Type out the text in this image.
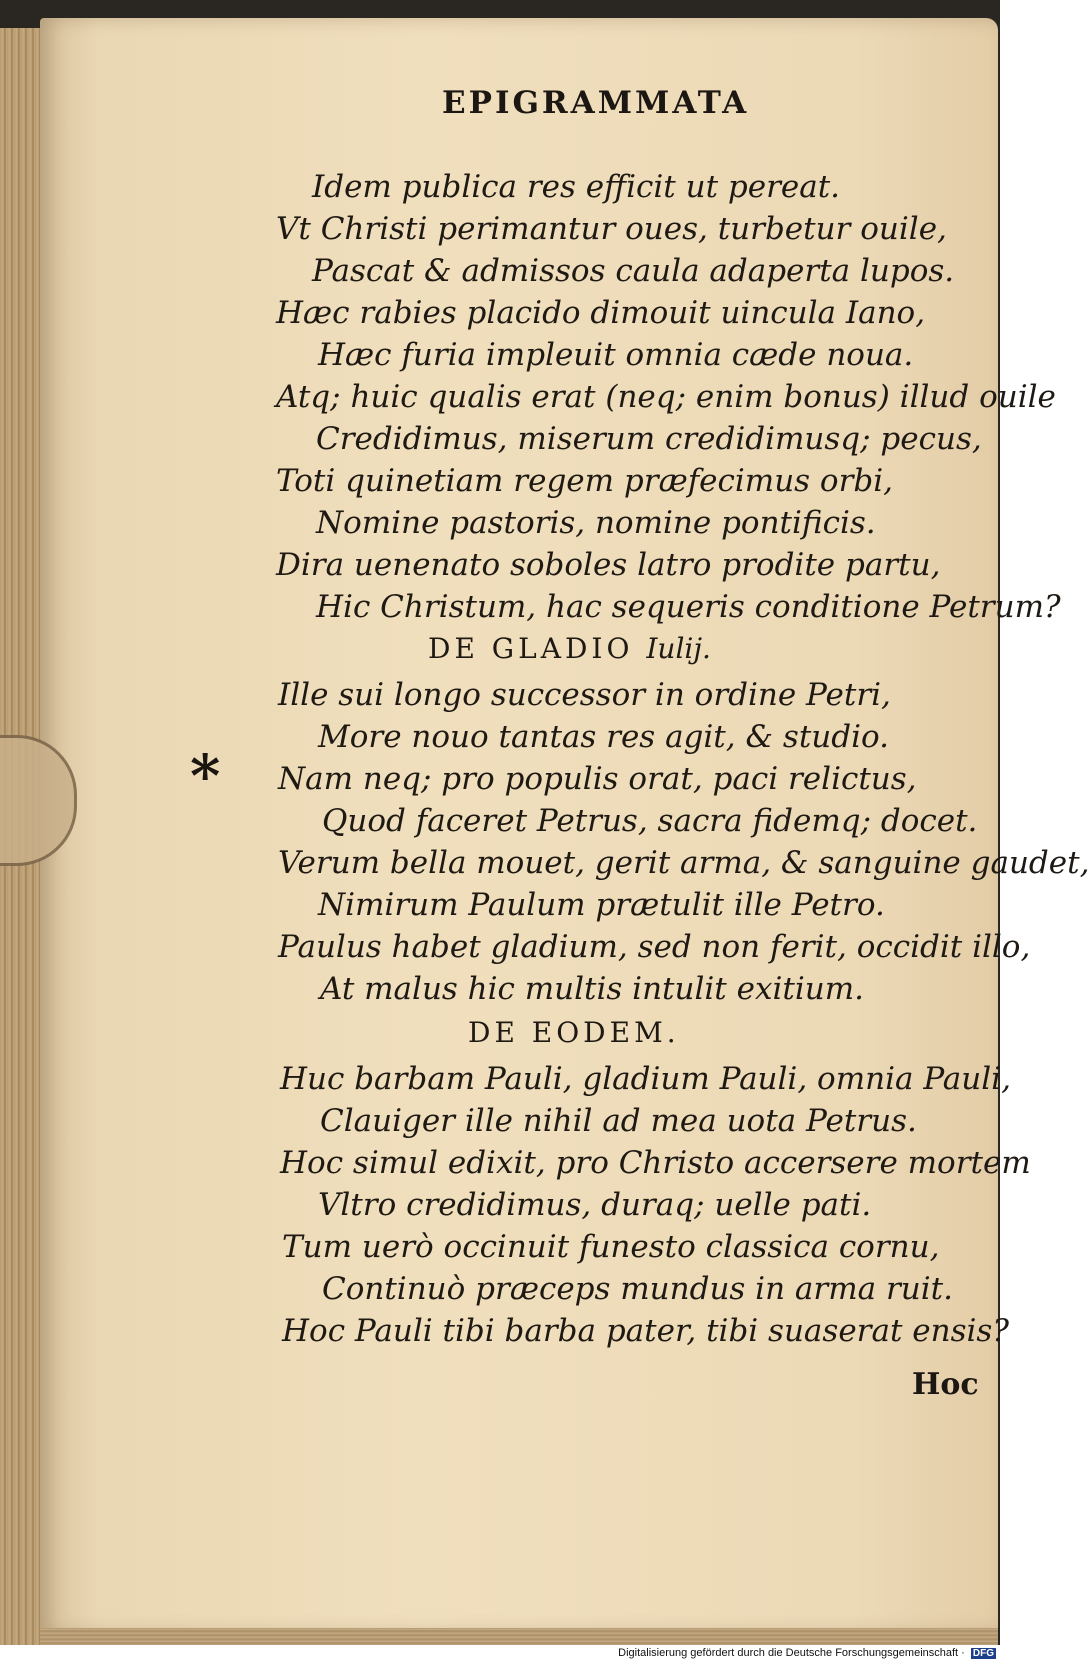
EPIGRAMMATA

Idem publica res efficit ut pereat.

Vt Christi perimantur oues, turbetur ouile,

Pascat & admissos caula adaperta lupos.

Hæc rabies placido dimouit uincula Iano,

Hæc furia impleuit omnia cæde noua.

Atq; huic qualis erat (neq; enim bonus) illud ouile

Credidimus, miserum credidimusq; pecus,

Toti quinetiam regem præfecimus orbi,

Nomine pastoris, nomine pontificis.

Dira uenenato soboles latro prodite partu,

Hic Christum, hac sequeris conditione Petrum?

DE GLADIO Iulij.

Ille sui longo successor in ordine Petri,

More nouo tantas res agit, & studio.

Nam neq; pro populis orat, paci relictus,

Quod faceret Petrus, sacra fidemq; docet.

Verum bella mouet, gerit arma, & sanguine gaudet,

Nimirum Paulum prætulit ille Petro.

Paulus habet gladium, sed non ferit, occidit illo,

At malus hic multis intulit exitium.

DE EODEM.

Huc barbam Pauli, gladium Pauli, omnia Pauli,

Clauiger ille nihil ad mea uota Petrus.

Hoc simul edixit, pro Christo accersere mortem

Vltro credidimus, duraq; uelle pati.

Tum uerò occinuit funesto classica cornu,

Continuò præceps mundus in arma ruit.

Hoc Pauli tibi barba pater, tibi suaserat ensis?

*

Hoc

Digitalisierung gefördert durch die Deutsche Forschungsgemeinschaft · DFG
